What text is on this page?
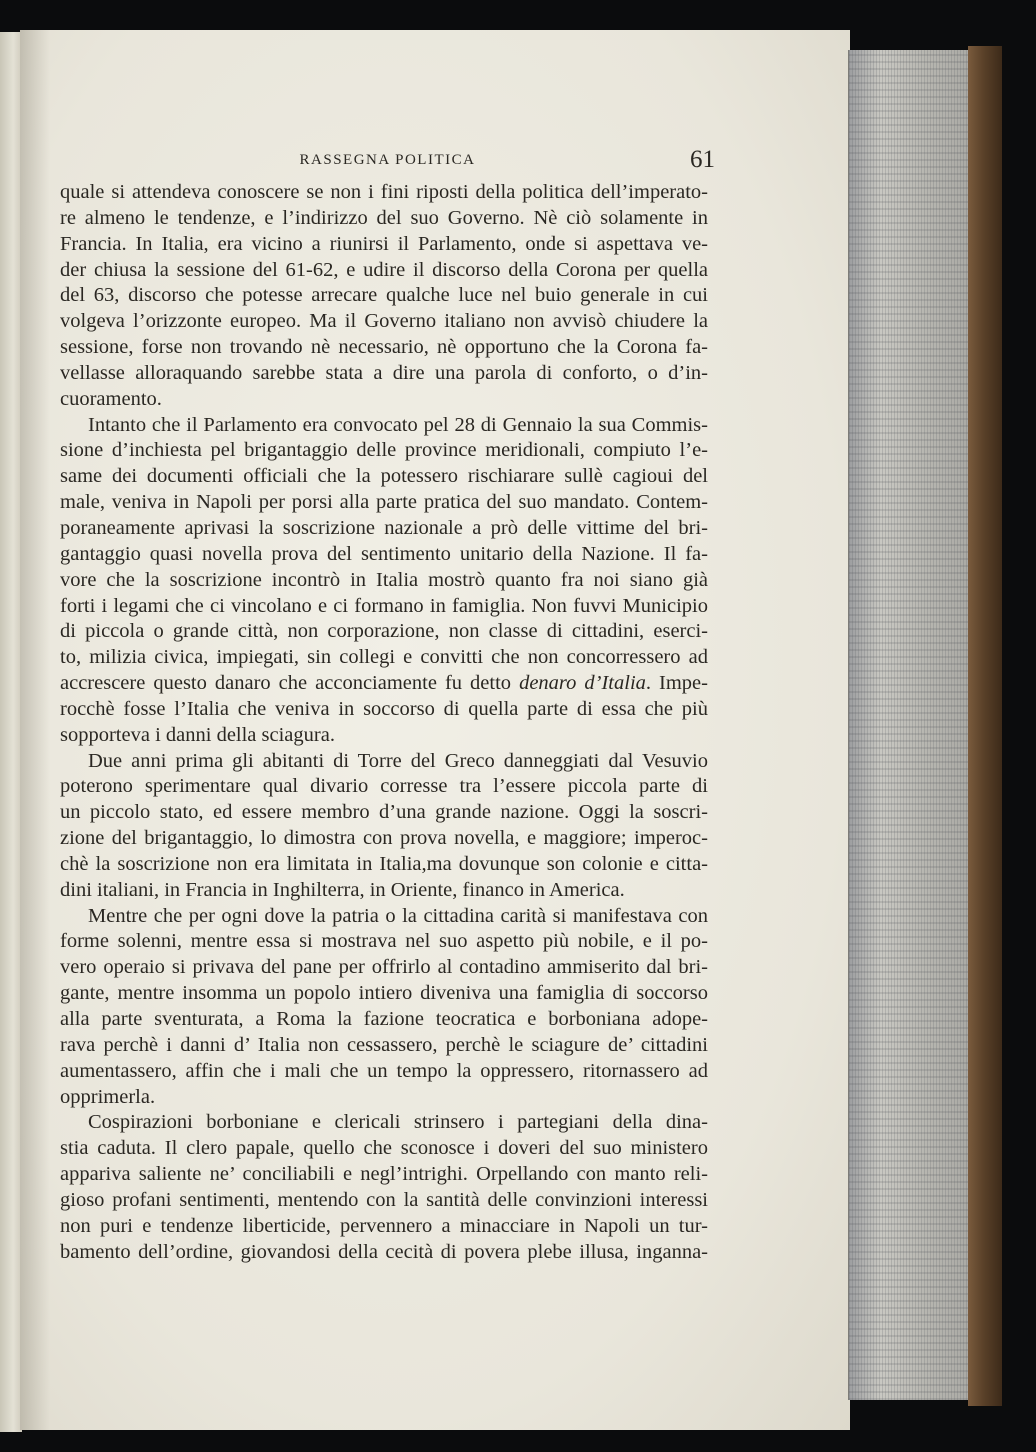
RASSEGNA POLITICA	61
quale si attendeva conoscere se non i fini riposti della politica dell’imperato-
re almeno le tendenze, e l’indirizzo del suo Governo. Nè ciò solamente in
Francia. In Italia, era vicino a riunirsi il Parlamento, onde si aspettava ve-
der chiusa la sessione del 61-62, e udire il discorso della Corona per quella
del 63, discorso che potesse arrecare qualche luce nel buio generale in cui
volgeva l’orizzonte europeo. Ma il Governo italiano non avvisò chiudere la
sessione, forse non trovando nè necessario, nè opportuno che la Corona fa-
vellasse alloraquando sarebbe stata a dire una parola di conforto, o d’in-
cuoramento.
Intanto che il Parlamento era convocato pel 28 di Gennaio la sua Commis-
sione d’inchiesta pel brigantaggio delle province meridionali, compiuto l’e-
same dei documenti officiali che la potessero rischiarare sullè cagioui del
male, veniva in Napoli per porsi alla parte pratica del suo mandato. Contem-
poraneamente aprivasi la soscrizione nazionale a prò delle vittime del bri-
gantaggio quasi novella prova del sentimento unitario della Nazione. Il fa-
vore che la soscrizione incontrò in Italia mostrò quanto fra noi siano già
forti i legami che ci vincolano e ci formano in famiglia. Non fuvvi Municipio
di piccola o grande città, non corporazione, non classe di cittadini, eserci-
to, milizia civica, impiegati, sin collegi e convitti che non concorressero ad
accrescere questo danaro che acconciamente fu detto denaro d’Italia. Impe-
rocchè fosse l’Italia che veniva in soccorso di quella parte di essa che più
sopporteva i danni della sciagura.
Due anni prima gli abitanti di Torre del Greco danneggiati dal Vesuvio
poterono sperimentare qual divario corresse tra l’essere piccola parte di
un piccolo stato, ed essere membro d’una grande nazione. Oggi la soscri-
zione del brigantaggio, lo dimostra con prova novella, e maggiore; imperoc-
chè la soscrizione non era limitata in Italia,ma dovunque son colonie e citta-
dini italiani, in Francia in Inghilterra, in Oriente, financo in America.
Mentre che per ogni dove la patria o la cittadina carità si manifestava con
forme solenni, mentre essa si mostrava nel suo aspetto più nobile, e il po-
vero operaio si privava del pane per offrirlo al contadino ammiserito dal bri-
gante, mentre insomma un popolo intiero diveniva una famiglia di soccorso
alla parte sventurata, a Roma la fazione teocratica e borboniana adope-
rava perchè i danni d’ Italia non cessassero, perchè le sciagure de’ cittadini
aumentassero, affin che i mali che un tempo la oppressero, ritornassero ad
opprimerla.
Cospirazioni borboniane e clericali strinsero i partegiani della dina-
stia caduta. Il clero papale, quello che sconosce i doveri del suo ministero
appariva saliente ne’ conciliabili e negl’intrighi. Orpellando con manto reli-
gioso profani sentimenti, mentendo con la santità delle convinzioni interessi
non puri e tendenze liberticide, pervennero a minacciare in Napoli un tur-
bamento dell’ordine, giovandosi della cecità di povera plebe illusa, inganna-
